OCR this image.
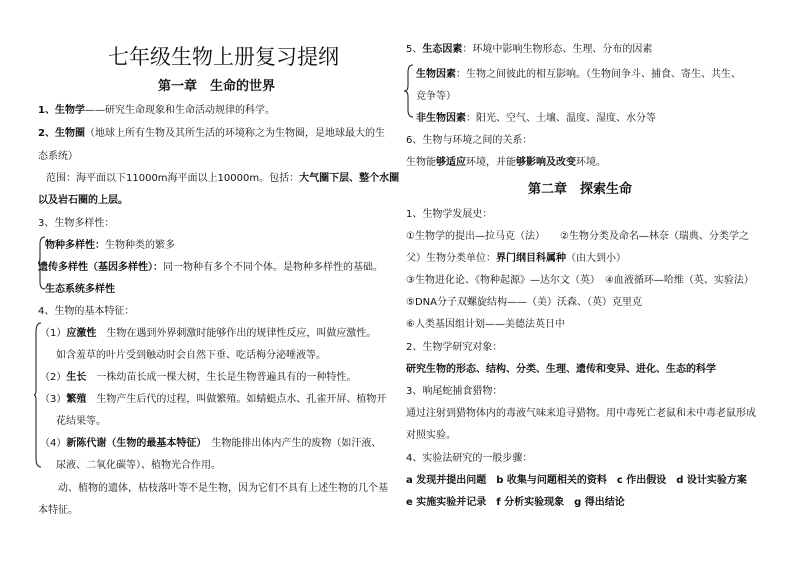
七年级生物上册复习提纲
第一章　生命的世界
1、生物学——研究生命现象和生命活动规律的科学。
2、生物圈（地球上所有生物及其所生活的环境称之为生物圈，是地球最大的生
态系统）
范围：海平面以下11000m海平面以上10000m。包括：大气圈下层、整个水圈
以及岩石圈的上层。
3、生物多样性：
物种多样性：生物种类的繁多
遗传多样性（基因多样性）：同一物种有多个不同个体。是物种多样性的基础。
生态系统多样性
4、生物的基本特征：
（1）应激性　生物在遇到外界刺激时能够作出的规律性反应，叫做应激性。
如含羞草的叶片受到触动时会自然下垂、吃话梅分泌唾液等。
（2）生长　一株幼苗长成一棵大树，生长是生物普遍具有的一种特性。
（3）繁殖　生物产生后代的过程，叫做繁殖。如蜻蜓点水、孔雀开屏、植物开
花结果等。
（4）新陈代谢（生物的最基本特征）　生物能排出体内产生的废物（如汗液、
尿液、二氧化碳等）、植物光合作用。
动、植物的遗体，枯枝落叶等不是生物，因为它们不具有上述生物的几个基
本特征。
5、生态因素：环境中影响生物形态、生理、分布的因素
生物因素：生物之间彼此的相互影响。（生物间争斗、捕食、寄生、共生、
竞争等）
非生物因素：阳光、空气、土壤、温度、湿度、水分等
6、生物与环境之间的关系：
生物能够适应环境，并能够影响及改变环境。
第二章　探索生命
1、生物学发展史：
①生物学的提出—拉马克（法）　　②生物分类及命名—林奈（瑞典、分类学之
父）生物分类单位：界门纲目科属种（由大到小）
③生物进化论、《物种起源》—达尔文（英）　④血液循环—哈维（英、实验法）
⑤DNA分子双螺旋结构——（美）沃森、（英）克里克
⑥人类基因组计划——美德法英日中
2、生物学研究对象：
研究生物的形态、结构、分类、生理、遗传和变异、进化、生态的科学
3、响尾蛇捕食猎物：
通过注射到猎物体内的毒液气味来追寻猎物。用中毒死亡老鼠和未中毒老鼠形成
对照实验。
4、实验法研究的一般步骤：
a 发现并提出问题　b 收集与问题相关的资料　c 作出假设　d 设计实验方案
e 实施实验并记录　f 分析实验现象　g 得出结论
